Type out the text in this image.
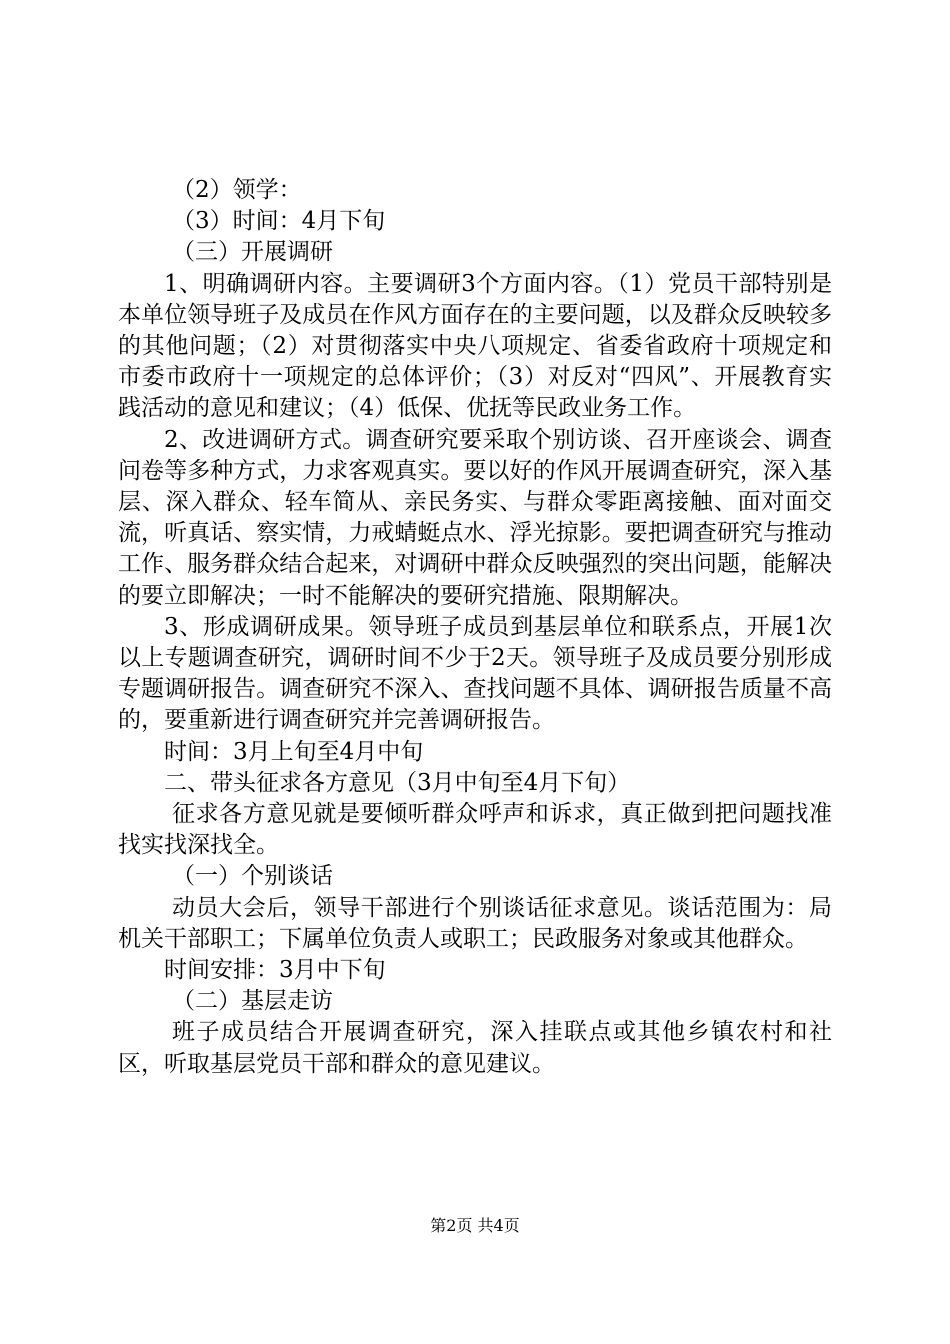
（2）领学：

（3）时间：4月下旬

（三）开展调研

1、明确调研内容。主要调研3个方面内容。（1）党员干部特别是本单位领导班子及成员在作风方面存在的主要问题，以及群众反映较多的其他问题；（2）对贯彻落实中央八项规定、省委省政府十项规定和市委市政府十一项规定的总体评价；（3）对反对“四风”、开展教育实践活动的意见和建议；（4）低保、优抚等民政业务工作。

2、改进调研方式。调查研究要采取个别访谈、召开座谈会、调查问卷等多种方式，力求客观真实。要以好的作风开展调查研究，深入基层、深入群众、轻车简从、亲民务实、与群众零距离接触、面对面交流，听真话、察实情，力戒蜻蜓点水、浮光掠影。要把调查研究与推动工作、服务群众结合起来，对调研中群众反映强烈的突出问题，能解决的要立即解决；一时不能解决的要研究措施、限期解决。

3、形成调研成果。领导班子成员到基层单位和联系点，开展1次以上专题调查研究，调研时间不少于2天。领导班子及成员要分别形成专题调研报告。调查研究不深入、查找问题不具体、调研报告质量不高的，要重新进行调查研究并完善调研报告。

时间：3月上旬至4月中旬

二、带头征求各方意见（3月中旬至4月下旬）

征求各方意见就是要倾听群众呼声和诉求，真正做到把问题找准找实找深找全。

（一）个别谈话

动员大会后，领导干部进行个别谈话征求意见。谈话范围为：局机关干部职工；下属单位负责人或职工；民政服务对象或其他群众。

时间安排：3月中下旬

（二）基层走访

班子成员结合开展调查研究，深入挂联点或其他乡镇农村和社区，听取基层党员干部和群众的意见建议。

第2页 共4页
